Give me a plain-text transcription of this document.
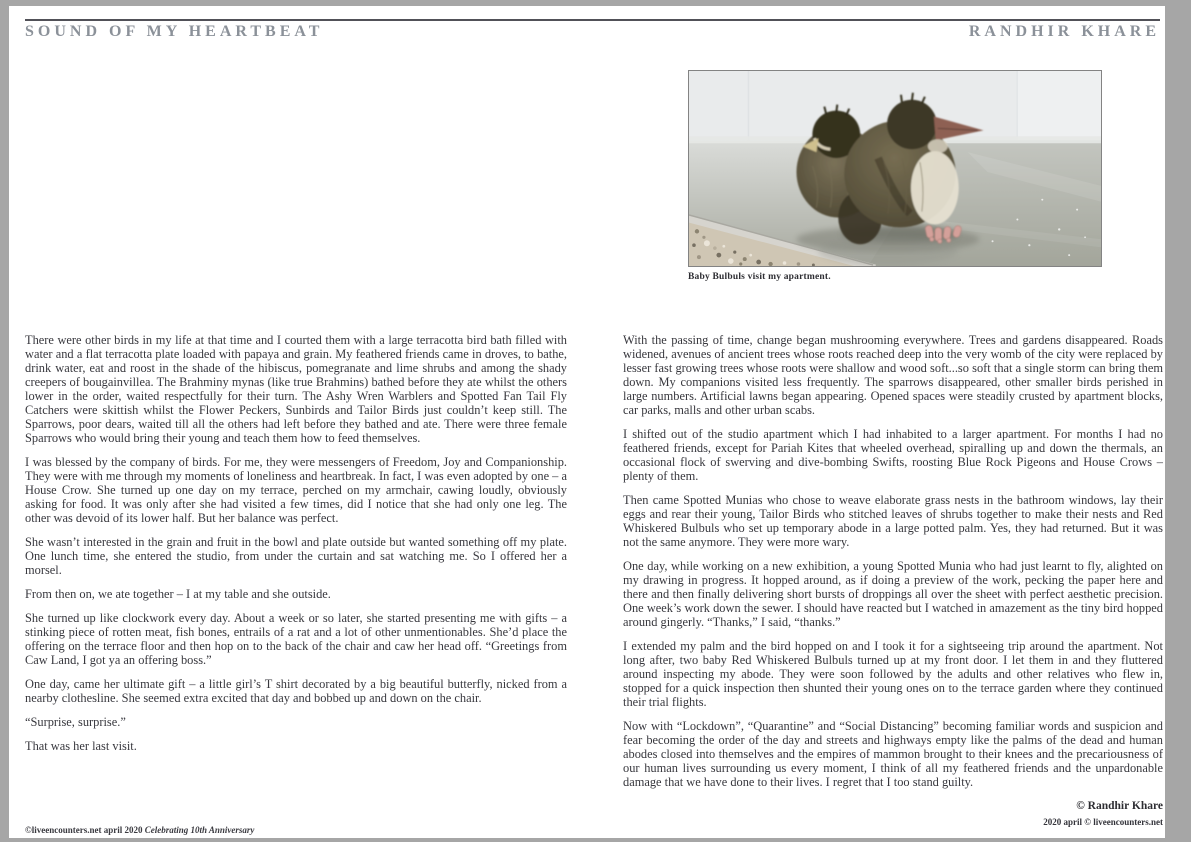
SOUND OF MY HEARTBEAT	RANDHIR KHARE
Baby Bulbuls visit my apartment.

There were other birds in my life at that time and I courted them with a large terracotta bird bath filled with water and a flat terracotta plate loaded with papaya and grain. My feathered friends came in droves, to bathe, drink water, eat and roost in the shade of the hibiscus, pomegranate and lime shrubs and among the shady creepers of bougainvillea. The Brahminy mynas (like true Brahmins) bathed before they ate whilst the others lower in the order, waited respectfully for their turn. The Ashy Wren Warblers and Spotted Fan Tail Fly Catchers were skittish whilst the Flower Peckers, Sunbirds and Tailor Birds just couldn’t keep still. The Sparrows, poor dears, waited till all the others had left before they bathed and ate. There were three female Sparrows who would bring their young and teach them how to feed themselves.

I was blessed by the company of birds. For me, they were messengers of Freedom, Joy and Companionship. They were with me through my moments of loneliness and heartbreak. In fact, I was even adopted by one – a House Crow. She turned up one day on my terrace, perched on my armchair, cawing loudly, obviously asking for food. It was only after she had visited a few times, did I notice that she had only one leg. The other was devoid of its lower half. But her balance was perfect.

She wasn’t interested in the grain and fruit in the bowl and plate outside but wanted something off my plate. One lunch time, she entered the studio, from under the curtain and sat watching me. So I offered her a morsel.

From then on, we ate together – I at my table and she outside.

She turned up like clockwork every day. About a week or so later, she started presenting me with gifts – a stinking piece of rotten meat, fish bones, entrails of a rat and a lot of other unmentionables. She’d place the offering on the terrace floor and then hop on to the back of the chair and caw her head off. “Greetings from Caw Land, I got ya an offering boss.”

One day, came her ultimate gift – a little girl’s T shirt decorated by a big beautiful butterfly, nicked from a nearby clothesline. She seemed extra excited that day and bobbed up and down on the chair.

“Surprise, surprise.”

That was her last visit.

With the passing of time, change began mushrooming everywhere. Trees and gardens disappeared. Roads widened, avenues of ancient trees whose roots reached deep into the very womb of the city were replaced by lesser fast growing trees whose roots were shallow and wood soft...so soft that a single storm can bring them down. My companions visited less frequently. The sparrows disappeared, other smaller birds perished in large numbers. Artificial lawns began appearing. Opened spaces were steadily crusted by apartment blocks, car parks, malls and other urban scabs.

I shifted out of the studio apartment which I had inhabited to a larger apartment. For months I had no feathered friends, except for Pariah Kites that wheeled overhead, spiralling up and down the thermals, an occasional flock of swerving and dive-bombing Swifts, roosting Blue Rock Pigeons and House Crows – plenty of them.

Then came Spotted Munias who chose to weave elaborate grass nests in the bathroom windows, lay their eggs and rear their young, Tailor Birds who stitched leaves of shrubs together to make their nests and Red Whiskered Bulbuls who set up temporary abode in a large potted palm. Yes, they had returned. But it was not the same anymore. They were more wary.

One day, while working on a new exhibition, a young Spotted Munia who had just learnt to fly, alighted on my drawing in progress. It hopped around, as if doing a preview of the work, pecking the paper here and there and then finally delivering short bursts of droppings all over the sheet with perfect aesthetic precision. One week’s work down the sewer. I should have reacted but I watched in amazement as the tiny bird hopped around gingerly. “Thanks,” I said, “thanks.”

I extended my palm and the bird hopped on and I took it for a sightseeing trip around the apartment. Not long after, two baby Red Whiskered Bulbuls turned up at my front door. I let them in and they fluttered around inspecting my abode. They were soon followed by the adults and other relatives who flew in, stopped for a quick inspection then shunted their young ones on to the terrace garden where they continued their trial flights.

Now with “Lockdown”, “Quarantine” and “Social Distancing” becoming familiar words and suspicion and fear becoming the order of the day and streets and highways empty like the palms of the dead and human abodes closed into themselves and the empires of mammon brought to their knees and the precariousness of our human lives surrounding us every moment, I think of all my feathered friends and the unpardonable damage that we have done to their lives. I regret that I too stand guilty.

© Randhir Khare
2020 april © liveencounters.net
©liveencounters.net april 2020 Celebrating 10th Anniversary
